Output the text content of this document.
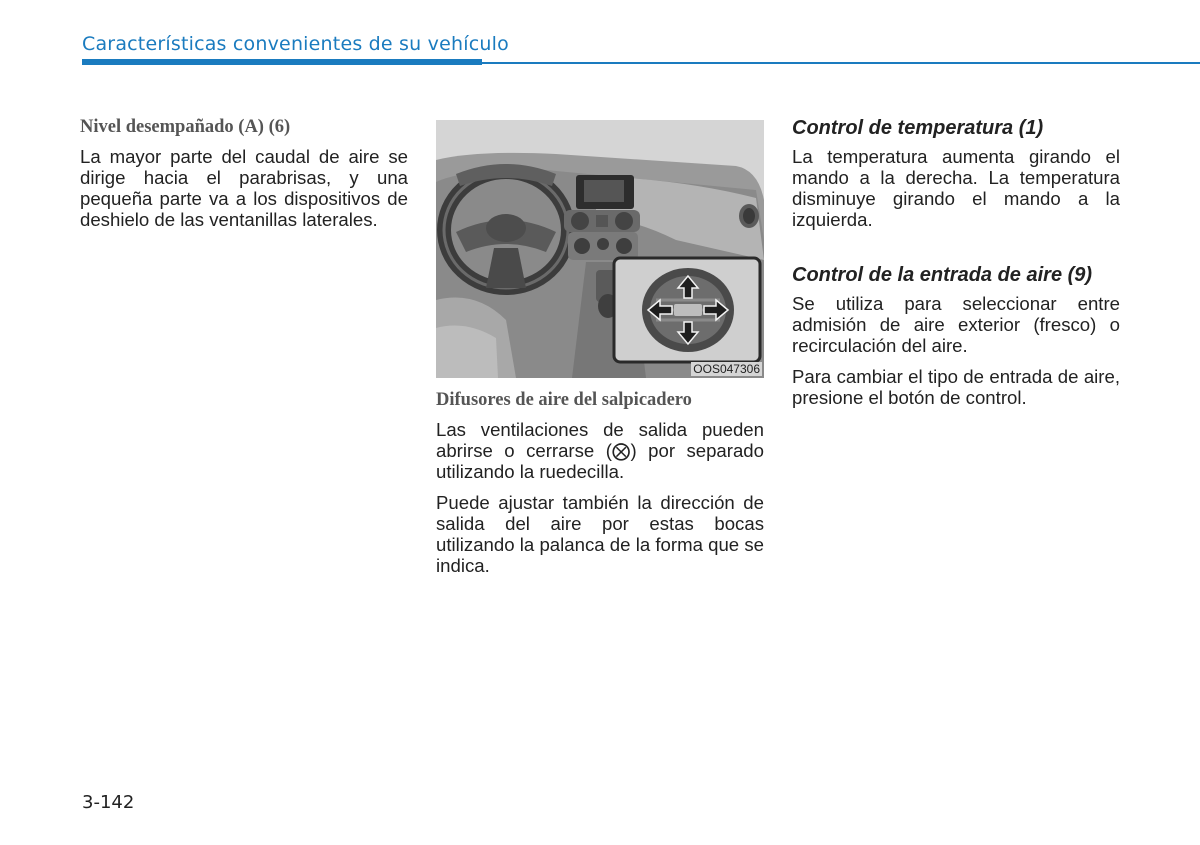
Características convenientes de su vehículo
Nivel desempañado (A) (6)

La mayor parte del caudal de aire se dirige hacia el parabrisas, y una pequeña parte va a los dispositivos de deshielo de las ventanillas laterales.

OOS047306
Difusores de aire del salpicadero

Las ventilaciones de salida pueden abrirse o cerrarse (⨂) por separado utilizando la ruedecilla.

Puede ajustar también la dirección de salida del aire por estas bocas utilizando la palanca de la forma que se indica.

Control de temperatura (1)

La temperatura aumenta girando el mando a la derecha. La temperatura disminuye girando el mando a la izquierda.

Control de la entrada de aire (9)

Se utiliza para seleccionar entre admisión de aire exterior (fresco) o recirculación del aire.

Para cambiar el tipo de entrada de aire, presione el botón de control.

3-142
